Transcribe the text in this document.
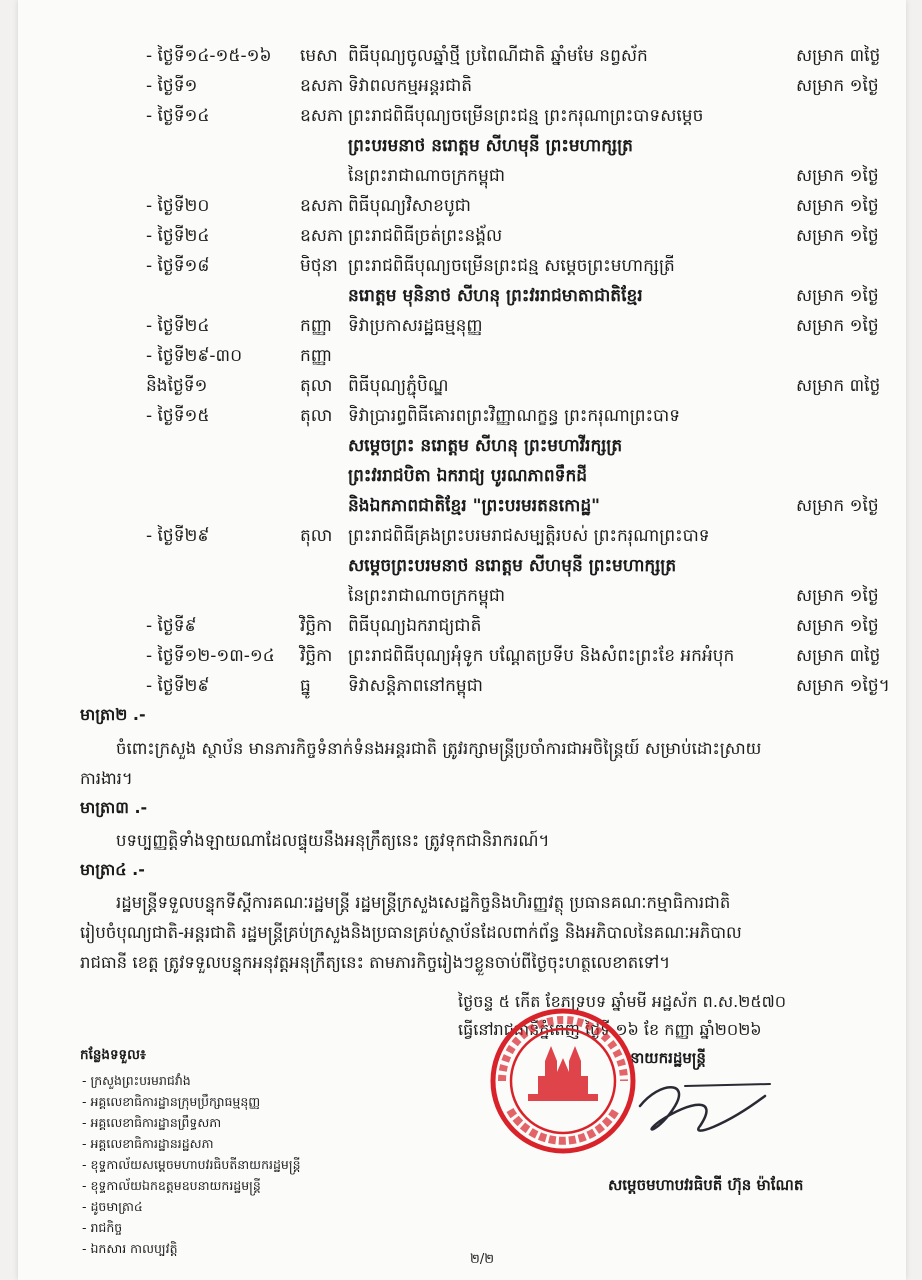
- ថ្ងៃទី១៤-១៥-១៦ មេសា ពិធីបុណ្យចូលឆ្នាំថ្មី ប្រពៃណីជាតិ ឆ្នាំមមែ នព្វស័ក	សម្រាក ៣ថ្ងៃ
- ថ្ងៃទី១	ឧសភា ទិវាពលកម្មអន្តរជាតិ	សម្រាក ១ថ្ងៃ
- ថ្ងៃទី១៤	ឧសភា ព្រះរាជពិធីបុណ្យចម្រើនព្រះជន្ម ព្រះករុណាព្រះបាទសម្តេច
ព្រះបរមនាថ នរោត្តម សីហមុនី ព្រះមហាក្សត្រ
នៃព្រះរាជាណាចក្រកម្ពុជា	សម្រាក ១ថ្ងៃ
- ថ្ងៃទី២០	ឧសភា ពិធីបុណ្យវិសាខបូជា	សម្រាក ១ថ្ងៃ
- ថ្ងៃទី២៤	ឧសភា ព្រះរាជពិធីច្រត់ព្រះនង្គ័ល	សម្រាក ១ថ្ងៃ
- ថ្ងៃទី១៨	មិថុនា ព្រះរាជពិធីបុណ្យចម្រើនព្រះជន្ម សម្តេចព្រះមហាក្សត្រី
នរោត្តម មុនិនាថ សីហនុ ព្រះវររាជមាតាជាតិខ្មែរ	សម្រាក ១ថ្ងៃ
- ថ្ងៃទី២៤	កញ្ញា ទិវាប្រកាសរដ្ឋធម្មនុញ្ញ	សម្រាក ១ថ្ងៃ
- ថ្ងៃទី២៩-៣០	កញ្ញា
និងថ្ងៃទី១	តុលា ពិធីបុណ្យភ្ជុំបិណ្ឌ	សម្រាក ៣ថ្ងៃ
- ថ្ងៃទី១៥	តុលា ទិវាប្រារព្ធពិធីគោរពព្រះវិញ្ញាណក្ខន្ធ ព្រះករុណាព្រះបាទ
សម្តេចព្រះ នរោត្តម សីហនុ ព្រះមហាវីរក្សត្រ
ព្រះវររាជបិតា ឯករាជ្យ បូរណភាពទឹកដី
និងឯកភាពជាតិខ្មែរ "ព្រះបរមរតនកោដ្ឋ"	សម្រាក ១ថ្ងៃ
- ថ្ងៃទី២៩	តុលា ព្រះរាជពិធីគ្រងព្រះបរមរាជសម្បត្តិរបស់ ព្រះករុណាព្រះបាទ
សម្តេចព្រះបរមនាថ នរោត្តម សីហមុនី ព្រះមហាក្សត្រ
នៃព្រះរាជាណាចក្រកម្ពុជា	សម្រាក ១ថ្ងៃ
- ថ្ងៃទី៩	វិច្ឆិកា ពិធីបុណ្យឯករាជ្យជាតិ	សម្រាក ១ថ្ងៃ
- ថ្ងៃទី១២-១៣-១៤ វិច្ឆិកា ព្រះរាជពិធីបុណ្យអុំទូក បណ្តែតប្រទីប និងសំពះព្រះខែ អកអំបុក	សម្រាក ៣ថ្ងៃ
- ថ្ងៃទី២៩	ធ្នូ ទិវាសន្តិភាពនៅកម្ពុជា	សម្រាក ១ថ្ងៃ។
មាត្រា២ .-
ចំពោះក្រសួង ស្ថាប័ន មានភារកិច្ចទំនាក់ទំនងអន្តរជាតិ ត្រូវរក្សាមន្ត្រីប្រចាំការជាអចិន្ត្រៃយ៍ សម្រាប់ដោះស្រាយ
ការងារ។
មាត្រា៣ .-
បទប្បញ្ញត្តិទាំងឡាយណាដែលផ្ទុយនឹងអនុក្រឹត្យនេះ ត្រូវទុកជានិរាករណ៍។
មាត្រា៤ .-
រដ្ឋមន្ត្រីទទួលបន្ទុកទីស្តីការគណៈរដ្ឋមន្ត្រី រដ្ឋមន្ត្រីក្រសួងសេដ្ឋកិច្ចនិងហិរញ្ញវត្ថុ ប្រធានគណៈកម្មាធិការជាតិ
រៀបចំបុណ្យជាតិ-អន្តរជាតិ រដ្ឋមន្ត្រីគ្រប់ក្រសួងនិងប្រធានគ្រប់ស្ថាប័នដែលពាក់ព័ន្ធ និងអភិបាលនៃគណៈអភិបាល
រាជធានី ខេត្ត ត្រូវទទួលបន្ទុកអនុវត្តអនុក្រឹត្យនេះ តាមភារកិច្ចរៀងៗខ្លួនចាប់ពីថ្ងៃចុះហត្ថលេខាតទៅ។
ថ្ងៃចន្ទ ៥ កើត ខែភទ្របទ ឆ្នាំមមី អដ្ឋស័ក ព.ស.២៥៧០
ធ្វើនៅរាជធានីភ្នំពេញ ថ្ងៃទី ១៦ ខែ កញ្ញា ឆ្នាំ២០២៦
នាយករដ្ឋមន្ត្រី
សម្តេចមហាបវរធិបតី ហ៊ុន ម៉ាណែត
កន្លែងទទួល៖
- ក្រសួងព្រះបរមរាជវាំង
- អគ្គលេខាធិការដ្ឋានក្រុមប្រឹក្សាធម្មនុញ្ញ
- អគ្គលេខាធិការដ្ឋានព្រឹទ្ធសភា
- អគ្គលេខាធិការដ្ឋានរដ្ឋសភា
- ខុទ្ទកាល័យសម្តេចមហាបវរធិបតីនាយករដ្ឋមន្ត្រី
- ខុទ្ទកាល័យឯកឧត្តមឧបនាយករដ្ឋមន្ត្រី
- ដូចមាត្រា៤
- រាជកិច្ច
- ឯកសារ កាលប្បវត្តិ
២/២
